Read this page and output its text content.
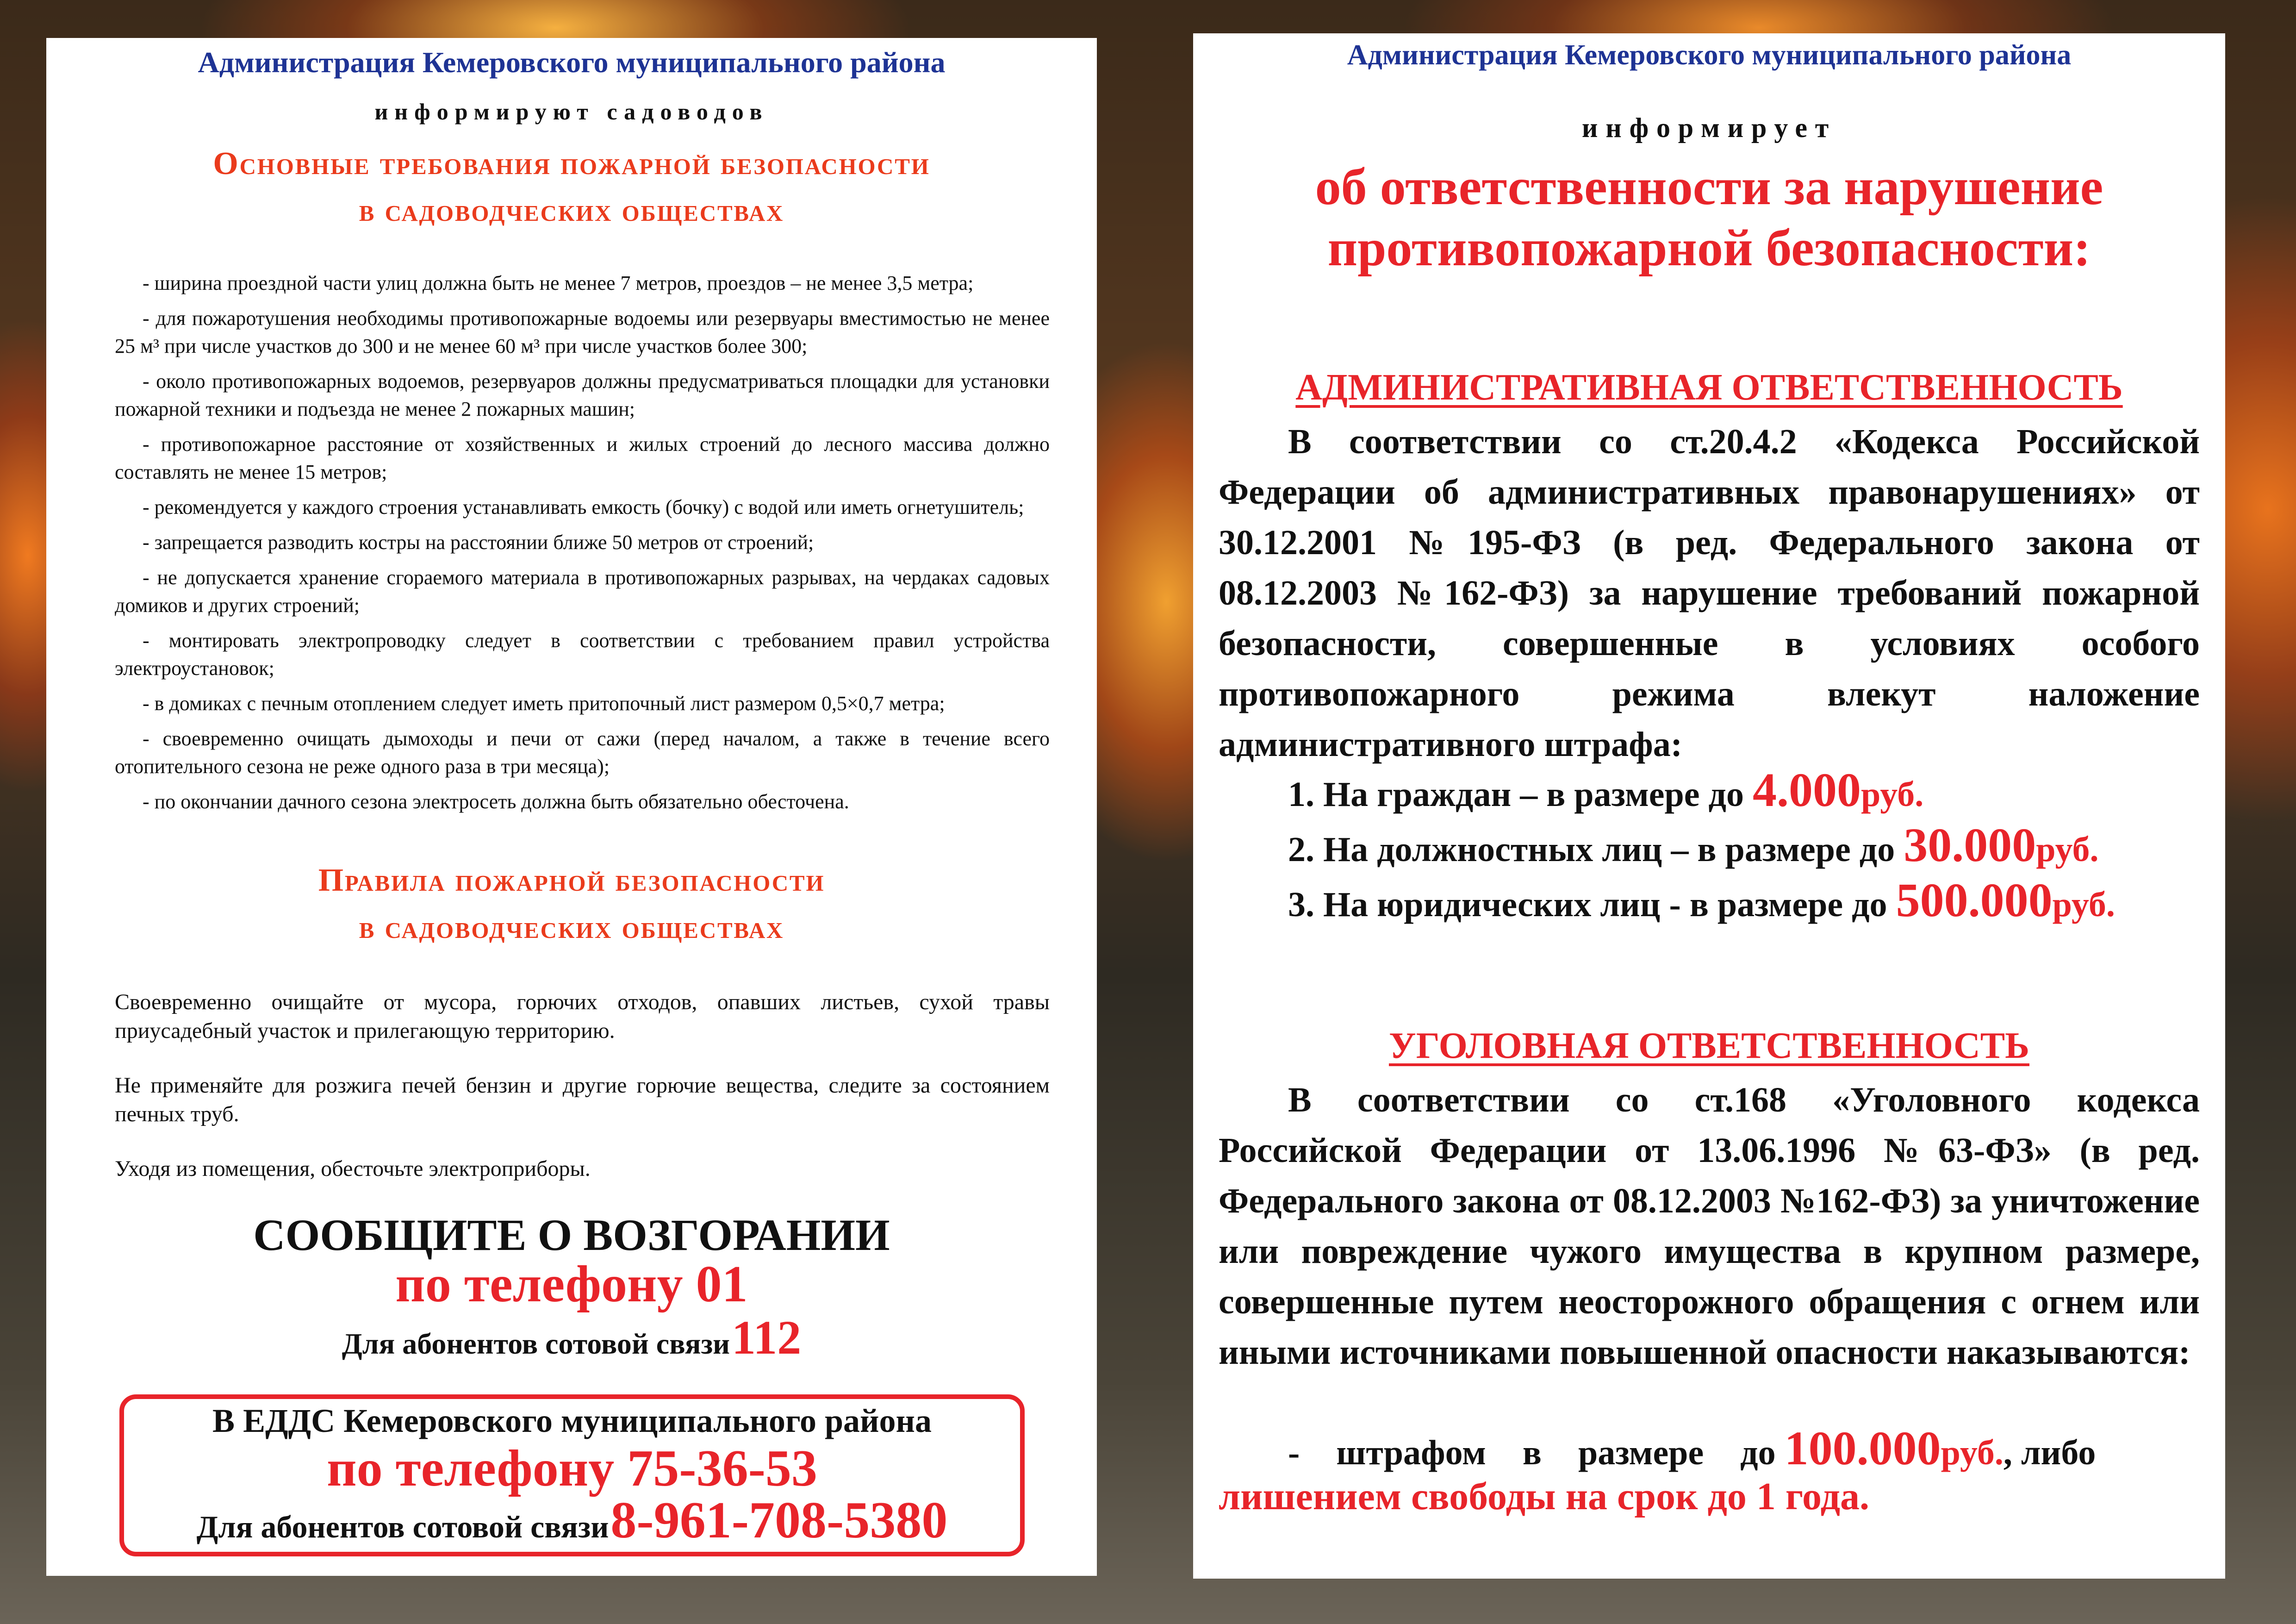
Администрация Кемеровского муниципального района
информируют садоводов
Основные требования пожарной безопасности
в садоводческих обществах
- ширина проездной части улиц должна быть не менее 7 метров, проездов – не менее 3,5 метра;
- для пожаротушения необходимы противопожарные водоемы или резервуары вместимостью не менее 25 м³ при числе участков до 300 и не менее 60 м³ при числе участков более 300;
- около противопожарных водоемов, резервуаров должны предусматриваться площадки для установки пожарной техники и подъезда не менее 2 пожарных машин;
- противопожарное расстояние от хозяйственных и жилых строений до лесного массива должно составлять не менее 15 метров;
- рекомендуется у каждого строения устанавливать емкость (бочку) с водой или иметь огнетушитель;
- запрещается разводить костры на расстоянии ближе 50 метров от строений;
- не допускается хранение сгораемого материала в противопожарных разрывах, на чердаках садовых домиков и других строений;
- монтировать электропроводку следует в соответствии с требованием правил устройства электроустановок;
- в домиках с печным отоплением следует иметь притопочный лист размером 0,5×0,7 метра;
- своевременно очищать дымоходы и печи от сажи (перед началом, а также в течение всего отопительного сезона не реже одного раза в три месяца);
- по окончании дачного сезона электросеть должна быть обязательно обесточена.
Правила пожарной безопасности
в садоводческих обществах
Своевременно очищайте от мусора, горючих отходов, опавших листьев, сухой травы приусадебный участок и прилегающую территорию.
Не применяйте для розжига печей бензин и другие горючие вещества, следите за состоянием печных труб.
Уходя из помещения, обесточьте электроприборы.
СООБЩИТЕ О ВОЗГОРАНИИ
по телефону 01
Для абонентов сотовой связи 112
В ЕДДС Кемеровского муниципального района
по телефону 75-36-53
Для абонентов сотовой связи 8-961-708-5380
Администрация Кемеровского муниципального района
информирует
об ответственности за нарушение
противопожарной безопасности:
АДМИНИСТРАТИВНАЯ ОТВЕТСТВЕННОСТЬ
В соответствии со ст.20.4.2 «Кодекса Российской Федерации об административных правонарушениях» от 30.12.2001 №195-ФЗ (в ред. Федерального закона от 08.12.2003 №162-ФЗ) за нарушение требований пожарной безопасности, совершенные в условиях особого противопожарного режима влекут наложение административного штрафа:
1. На граждан – в размере до 4.000руб.
2. На должностных лиц – в размере до 30.000руб.
3. На юридических лиц - в размере до 500.000руб.
УГОЛОВНАЯ ОТВЕТСТВЕННОСТЬ
В соответствии со ст.168 «Уголовного кодекса Российской Федерации от 13.06.1996 №63-ФЗ» (в ред. Федерального закона от 08.12.2003 №162-ФЗ) за уничтожение или повреждение чужого имущества в крупном размере, совершенные путем неосторожного обращения с огнем или иными источниками повышенной опасности наказываются:
- штрафом в размере до 100.000руб., либо
лишением свободы на срок до 1 года.
